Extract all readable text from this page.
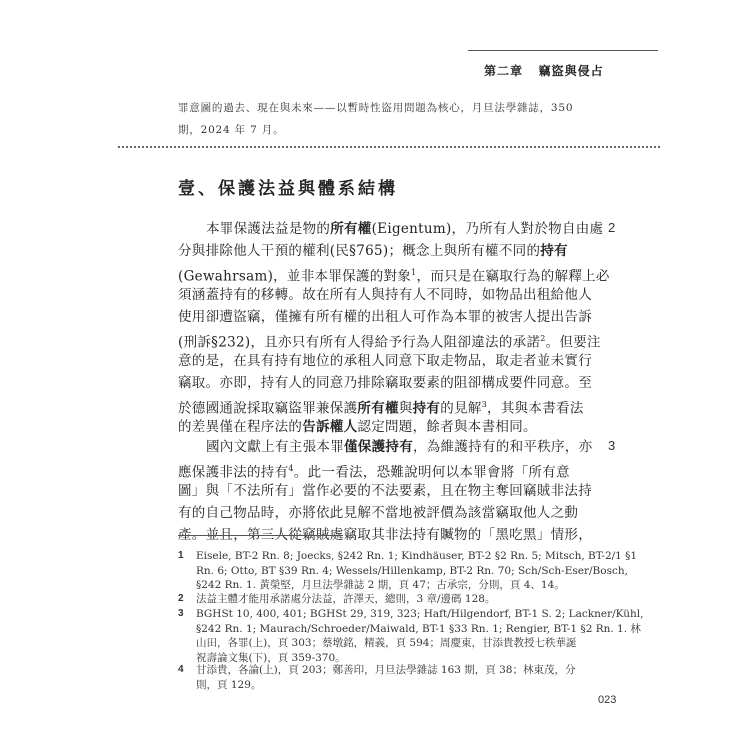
第二章 竊盜與侵占
罪意圖的過去、現在與未來——以暫時性盜用問題為核心，月旦法學雜誌，350
期，2024 年 7 月。
壹、保護法益與體系結構
2
本罪保護法益是物的所有權(Eigentum)，乃所有人對於物自由處
分與排除他人干預的權利(民§765)；概念上與所有權不同的持有
(Gewahrsam)，並非本罪保護的對象$^1$，而只是在竊取行為的解釋上必
須涵蓋持有的移轉。故在所有人與持有人不同時，如物品出租給他人
使用卻遭盜竊，僅擁有所有權的出租人可作為本罪的被害人提出告訴
(刑訴§232)，且亦只有所有人得給予行為人阻卻違法的承諾$^2$。但要注
意的是，在具有持有地位的承租人同意下取走物品，取走者並未實行
竊取。亦即，持有人的同意乃排除竊取要素的阻卻構成要件同意。至
於德國通說採取竊盜罪兼保護所有權與持有的見解$^3$，其與本書看法
的差異僅在程序法的告訴權人認定問題，餘者與本書相同。
3
國內文獻上有主張本罪僅保護持有，為維護持有的和平秩序，亦
應保護非法的持有$^4$。此一看法，恐難說明何以本罪會將「所有意
圖」與「不法所有」當作必要的不法要素，且在物主奪回竊賊非法持
有的自己物品時，亦將依此見解不當地被評價為該當竊取他人之動
產。並且，第三人從竊賊處竊取其非法持有贓物的「黑吃黑」情形，
1 Eisele, BT-2 Rn. 8; Joecks, §242 Rn. 1; Kindhäuser, BT-2 §2 Rn. 5; Mitsch, BT-2/1 §1
Rn. 6; Otto, BT §39 Rn. 4; Wessels/Hillenkamp, BT-2 Rn. 70; Sch/Sch-Eser/Bosch,
§242 Rn. 1. 黃榮堅，月旦法學雜誌 2 期，頁 47；古承宗，分則，頁 4、14。
2 法益主體才能用承諾處分法益，許澤天，總則，3 章/邊碼 128。
3 BGHSt 10, 400, 401; BGHSt 29, 319, 323; Haft/Hilgendorf, BT-1 S. 2; Lackner/Kühl,
§242 Rn. 1; Maurach/Schroeder/Maiwald, BT-1 §33 Rn. 1; Rengier, BT-1 §2 Rn. 1. 林
山田，各罪(上)，頁 303；蔡墩銘，精義，頁 594；周慶東，甘添貴教授七秩華誕
祝壽論文集(下)，頁 359-370。
4 甘添貴，各論(上)，頁 203；鄭善印，月旦法學雜誌 163 期，頁 38；林東茂，分
則，頁 129。
023
